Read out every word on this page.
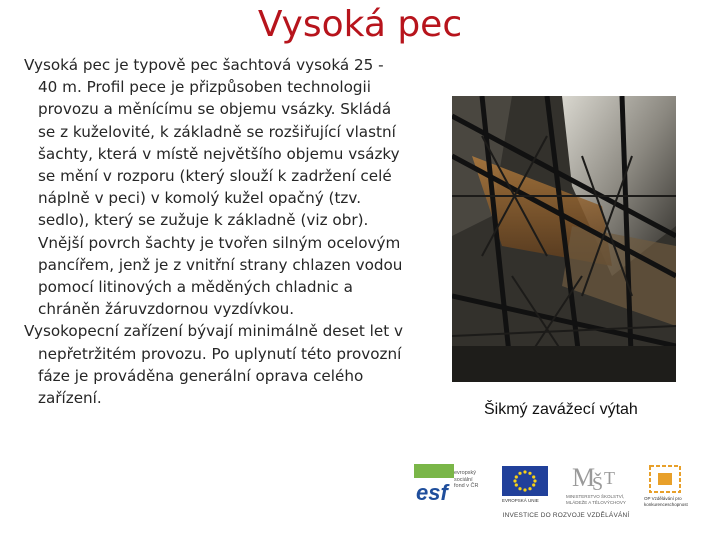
Vysoká pec

Vysoká pec je typově pec šachtová vysoká 25 - 40 m. Profil pece je přizpůsoben technologii provozu a měnícímu se objemu vsázky. Skládá se z kuželovité, k základně se rozšiřující vlastní šachty, která v místě největšího objemu vsázky se mění v rozporu (který slouží k zadržení celé náplně v peci) v komolý kužel opačný (tzv. sedlo), který se zužuje k základně (viz obr). Vnější povrch šachty je tvořen silným ocelovým pancířem, jenž je z vnitřní strany chlazen vodou pomocí litinových a měděných chladnic a chráněn žáruvzdornou vyzdívkou.

Vysokopecní zařízení bývají minimálně deset let v nepřetržitém provozu. Po uplynutí této provozní fáze je prováděna generální oprava celého zařízení.

Šikmý zavážecí výtah
esf
evropský
sociální
fond v ČR
EVROPSKÁ UNIE
M
Š T
MINISTERSTVO ŠKOLSTVÍ, MLÁDEŽE A TĚLOVÝCHOVY
OP Vzdělávání pro konkurenceschopnost
INVESTICE DO ROZVOJE VZDĚLÁVÁNÍ
